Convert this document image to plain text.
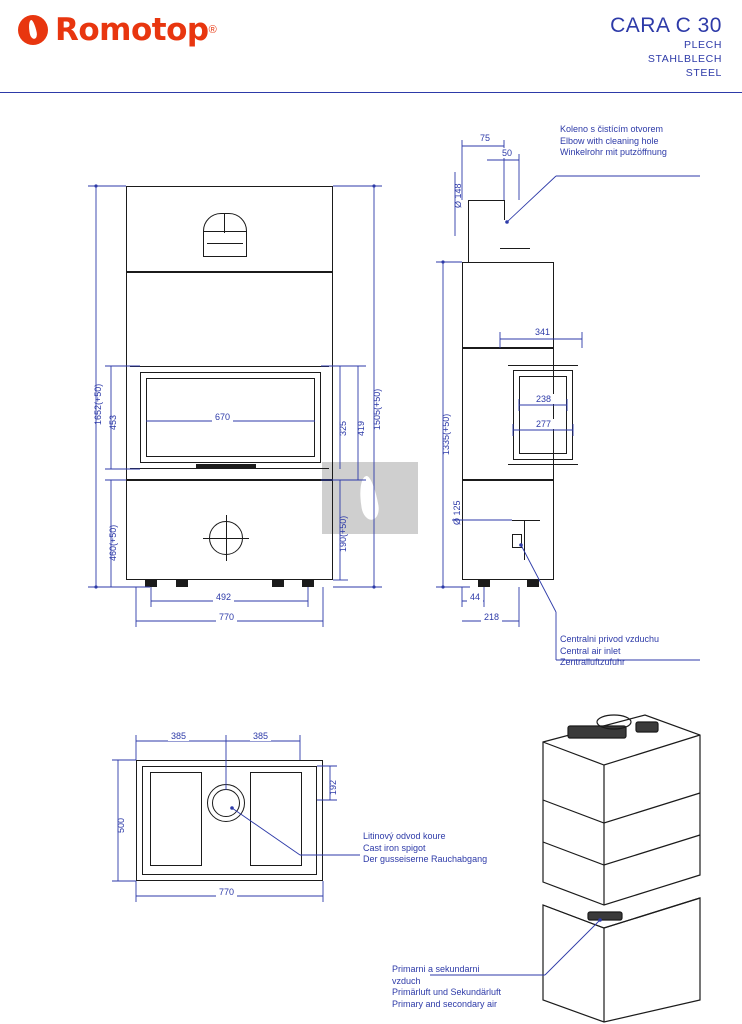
Romotop ®	CARA C 30
PLECH
STAHLBLECH
STEEL
1652(+50) 453
460(+50)
1505(+50)
419
325
190(+50)
670
492
770
75
50
Ø 148
1335(+50)
341
238
277
Ø 125
44
218
385	385
500
192
770
Koleno s čistícím otvorem
Elbow with cleaning hole
Winkelrohr mit putzöffnung
Centralni privod vzduchu
Central air inlet
Zentralluftzufuhr
Litinový odvod koure
Cast iron spigot
Der gusseiserne Rauchabgang
Primarni a sekundarni
vzduch
Primärluft und Sekundärluft
Primary and secondary air
